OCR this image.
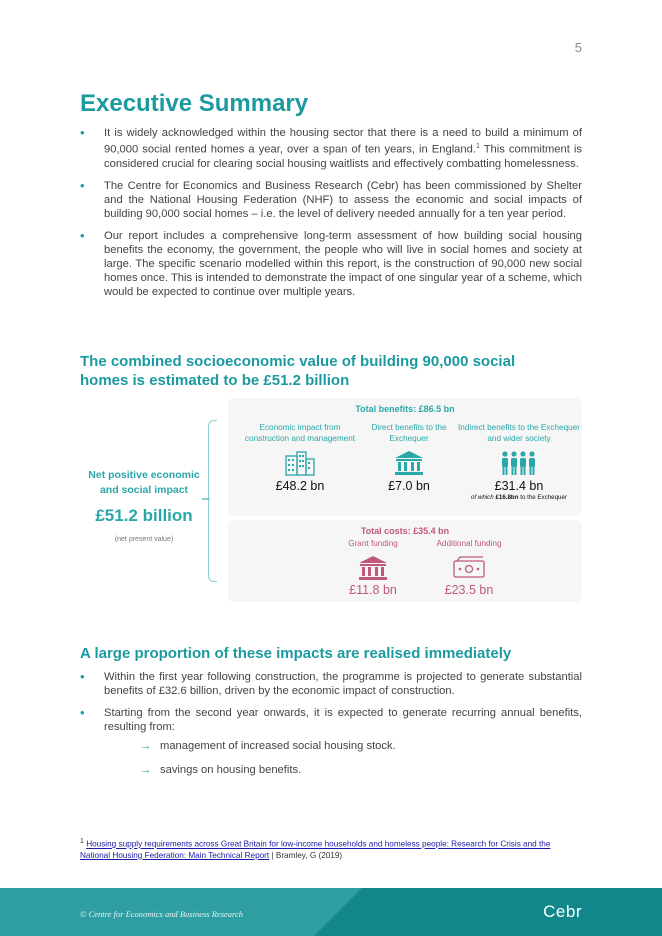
5
Executive Summary
• It is widely acknowledged within the housing sector that there is a need to build a minimum of 90,000 social rented homes a year, over a span of ten years, in England.$^1$ This commitment is considered crucial for clearing social housing waitlists and effectively combatting homelessness.
• The Centre for Economics and Business Research (Cebr) has been commissioned by Shelter and the National Housing Federation (NHF) to assess the economic and social impacts of building 90,000 social homes – i.e. the level of delivery needed annually for a ten year period.
• Our report includes a comprehensive long-term assessment of how building social housing benefits the economy, the government, the people who will live in social homes and society at large. The specific scenario modelled within this report, is the construction of 90,000 new social homes once. This is intended to demonstrate the impact of one singular year of a scheme, which would be expected to continue over multiple years.
The combined socioeconomic value of building 90,000 social homes is estimated to be £51.2 billion
Net positive economic and social impact
£51.2 billion
(net present value)
Total benefits: £86.5 bn
Economic impact from construction and management
£48.2 bn
Direct benefits to the Exchequer
£7.0 bn
Indirect benefits to the Exchequer and wider society
£31.4 bn
of which £16.8bn to the Exchequer
Total costs: £35.4 bn
Grant funding
£11.8 bn
Additional funding
£23.5 bn
A large proportion of these impacts are realised immediately
• Within the first year following construction, the programme is projected to generate substantial benefits of £32.6 billion, driven by the economic impact of construction.
• Starting from the second year onwards, it is expected to generate recurring annual benefits, resulting from:
→ management of increased social housing stock.
→ savings on housing benefits.
$^1$ Housing supply requirements across Great Britain for low-income households and homeless people: Research for Crisis and the National Housing Federation: Main Technical Report | Bramley, G (2019)
© Centre for Economics and Business Research	Cebr
